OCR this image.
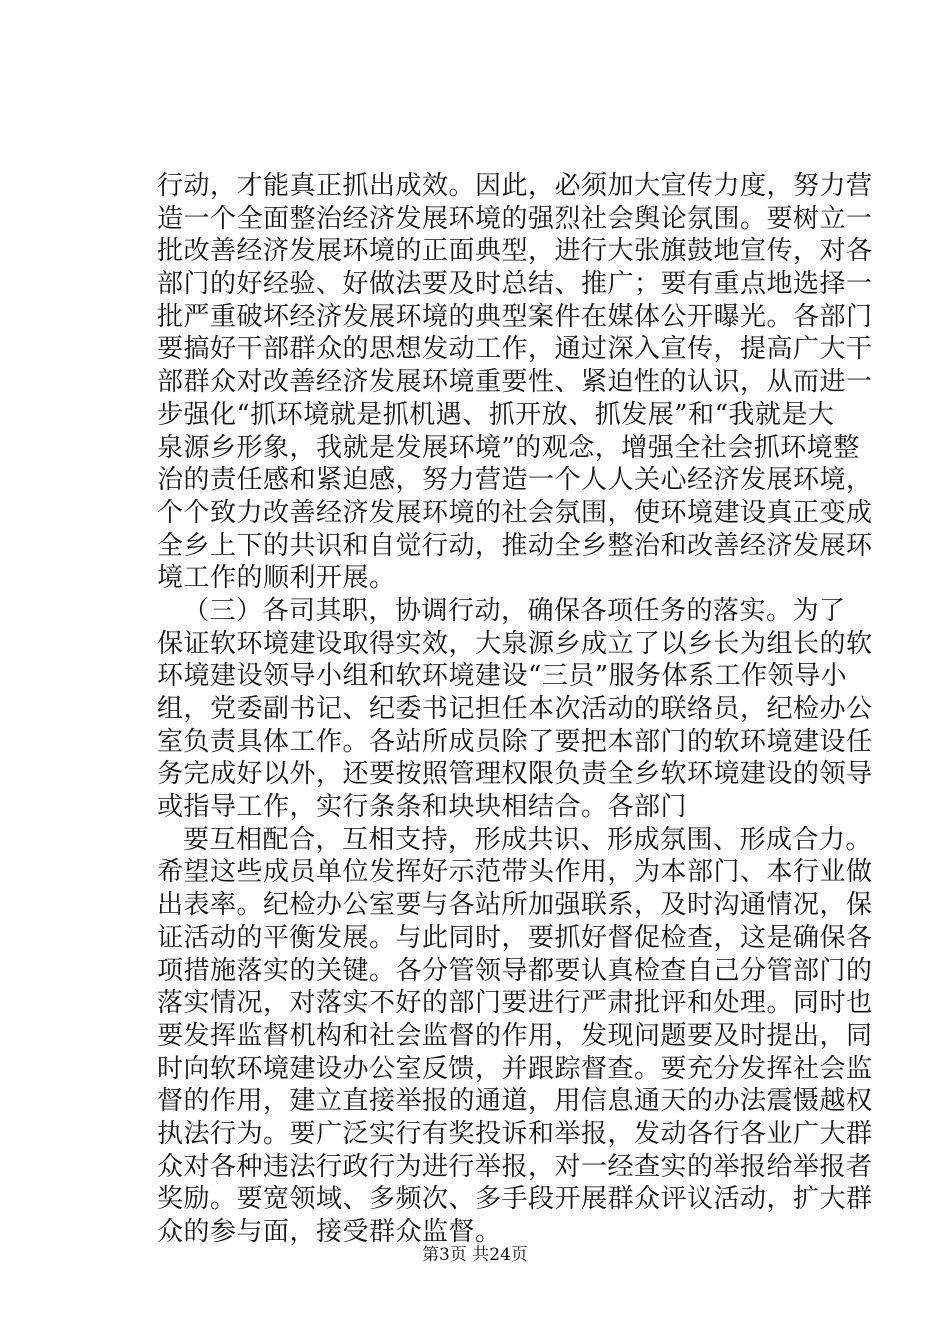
行动，才能真正抓出成效。因此，必须加大宣传力度，努力营
造一个全面整治经济发展环境的强烈社会舆论氛围。要树立一
批改善经济发展环境的正面典型，进行大张旗鼓地宣传，对各
部门的好经验、好做法要及时总结、推广；要有重点地选择一
批严重破坏经济发展环境的典型案件在媒体公开曝光。各部门
要搞好干部群众的思想发动工作，通过深入宣传，提高广大干
部群众对改善经济发展环境重要性、紧迫性的认识，从而进一
步强化“抓环境就是抓机遇、抓开放、抓发展”和“我就是大
泉源乡形象，我就是发展环境”的观念，增强全社会抓环境整
治的责任感和紧迫感，努力营造一个人人关心经济发展环境，
个个致力改善经济发展环境的社会氛围，使环境建设真正变成
全乡上下的共识和自觉行动，推动全乡整治和改善经济发展环
境工作的顺利开展。
（三）各司其职，协调行动，确保各项任务的落实。为了
保证软环境建设取得实效，大泉源乡成立了以乡长为组长的软
环境建设领导小组和软环境建设“三员”服务体系工作领导小
组，党委副书记、纪委书记担任本次活动的联络员，纪检办公
室负责具体工作。各站所成员除了要把本部门的软环境建设任
务完成好以外，还要按照管理权限负责全乡软环境建设的领导
或指导工作，实行条条和块块相结合。各部门
要互相配合，互相支持，形成共识、形成氛围、形成合力。
希望这些成员单位发挥好示范带头作用，为本部门、本行业做
出表率。纪检办公室要与各站所加强联系，及时沟通情况，保
证活动的平衡发展。与此同时，要抓好督促检查，这是确保各
项措施落实的关键。各分管领导都要认真检查自己分管部门的
落实情况，对落实不好的部门要进行严肃批评和处理。同时也
要发挥监督机构和社会监督的作用，发现问题要及时提出，同
时向软环境建设办公室反馈，并跟踪督查。要充分发挥社会监
督的作用，建立直接举报的通道，用信息通天的办法震慑越权
执法行为。要广泛实行有奖投诉和举报，发动各行各业广大群
众对各种违法行政行为进行举报，对一经查实的举报给举报者
奖励。要宽领域、多频次、多手段开展群众评议活动，扩大群
众的参与面，接受群众监督。
第3页 共24页
